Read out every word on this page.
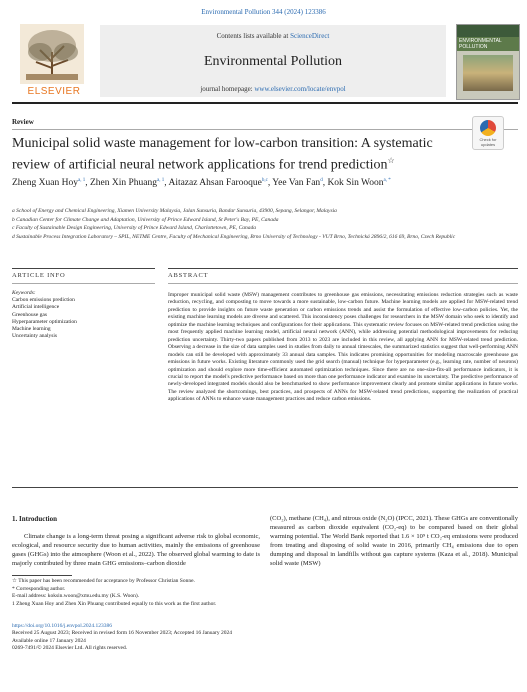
Environmental Pollution 344 (2024) 123386
Contents lists available at ScienceDirect
Environmental Pollution
journal homepage: www.elsevier.com/locate/envpol
ELSEVIER
ENVIRONMENTAL
POLLUTION
Review
Municipal solid waste management for low-carbon transition: A systematic review of artificial neural network applications for trend prediction☆
Check for updates
Zheng Xuan Hoy$^{a, 1}$, Zhen Xin Phuang$^{a, 1}$, Aitazaz Ahsan Farooque$^{b,c}$, Yee Van Fan$^d$, Kok Sin Woon$^{a, *}$

a School of Energy and Chemical Engineering, Xiamen University Malaysia, Jalan Sunsuria, Bandar Sunsuria, 43900, Sepang, Selangor, Malaysia

b Canadian Center for Climate Change and Adaptation, University of Prince Edward Island, St Peter's Bay, PE, Canada

c Faculty of Sustainable Design Engineering, University of Prince Edward Island, Charlottetown, PE, Canada

d Sustainable Process Integration Laboratory – SPIL, NETME Centre, Faculty of Mechanical Engineering, Brno University of Technology - VUT Brno, Technická 2896/2, 616 69, Brno, Czech Republic

ARTICLE INFO	ABSTRACT
Keywords:
Carbon emissions prediction
Artificial intelligence
Greenhouse gas
Hyperparameter optimization
Machine learning
Uncertainty analysis
Improper municipal solid waste (MSW) management contributes to greenhouse gas emissions, necessitating emissions reduction strategies such as waste reduction, recycling, and composting to move towards a more sustainable, low-carbon future. Machine learning models are applied for MSW-related trend prediction to provide insights on future waste generation or carbon emissions trends and assist the formulation of effective low-carbon policies. Yet, the existing machine learning models are diverse and scattered. This inconsistency poses challenges for researchers in the MSW domain who seek to identify and optimize the machine learning techniques and configurations for their applications. This systematic review focuses on MSW-related trend prediction using the most frequently applied machine learning model, artificial neural network (ANN), while addressing potential methodological improvements for reducing prediction uncertainty. Thirty-two papers published from 2013 to 2023 are included in this review, all applying ANN for MSW-related trend prediction. Observing a decrease in the size of data samples used in studies from daily to annual timescales, the summarized statistics suggest that well-performing ANN models can still be developed with approximately 33 annual data samples. This indicates promising opportunities for modeling macroscale greenhouse gas emissions in future works. Existing literature commonly used the grid search (manual) technique for hyperparameter (e.g., learning rate, number of neurons) optimization and should explore more time-efficient automated optimization techniques. Since there are no one-size-fits-all performance indicators, it is crucial to report the model's predictive performance based on more than one performance indicator and examine its uncertainty. The predictive performance of newly-developed integrated models should also be benchmarked to show performance improvement clearly and promote similar applications in future works. The review analyzed the shortcomings, best practices, and prospects of ANNs for MSW-related trend predictions, supporting the realization of practical applications of ANNs to enhance waste management practices and reduce carbon emissions.
1. Introduction
Climate change is a long-term threat posing a significant adverse risk to global economic, ecological, and resource security due to human activities, mainly the emissions of greenhouse gases (GHGs) into the atmosphere (Woon et al., 2022). The observed global warming to date is majorly contributed by three main GHG emissions–carbon dioxide
(CO₂), methane (CH₄), and nitrous oxide (N₂O) (IPCC, 2021). These GHGs are conventionally measured as carbon dioxide equivalent (CO₂-eq) to be compared based on their global warming potential. The World Bank reported that 1.6 × 10⁹ t CO₂-eq emissions were produced from treating and disposing of solid waste in 2016, primarily CH₄ emissions due to open dumping and disposal in landfills without gas capture systems (Kaza et al., 2018). Municipal solid waste (MSW)

☆ This paper has been recommended for acceptance by Professor Christian Sonne.

* Corresponding author.

E-mail address: koksin.woon@xmu.edu.my (K.S. Woon).

1 Zheng Xuan Hoy and Zhen Xin Phuang contributed equally to this work as the first author.

https://doi.org/10.1016/j.envpol.2024.123386

Received 25 August 2023; Received in revised form 16 November 2023; Accepted 16 January 2024

Available online 17 January 2024

0269-7491/© 2024 Elsevier Ltd. All rights reserved.
